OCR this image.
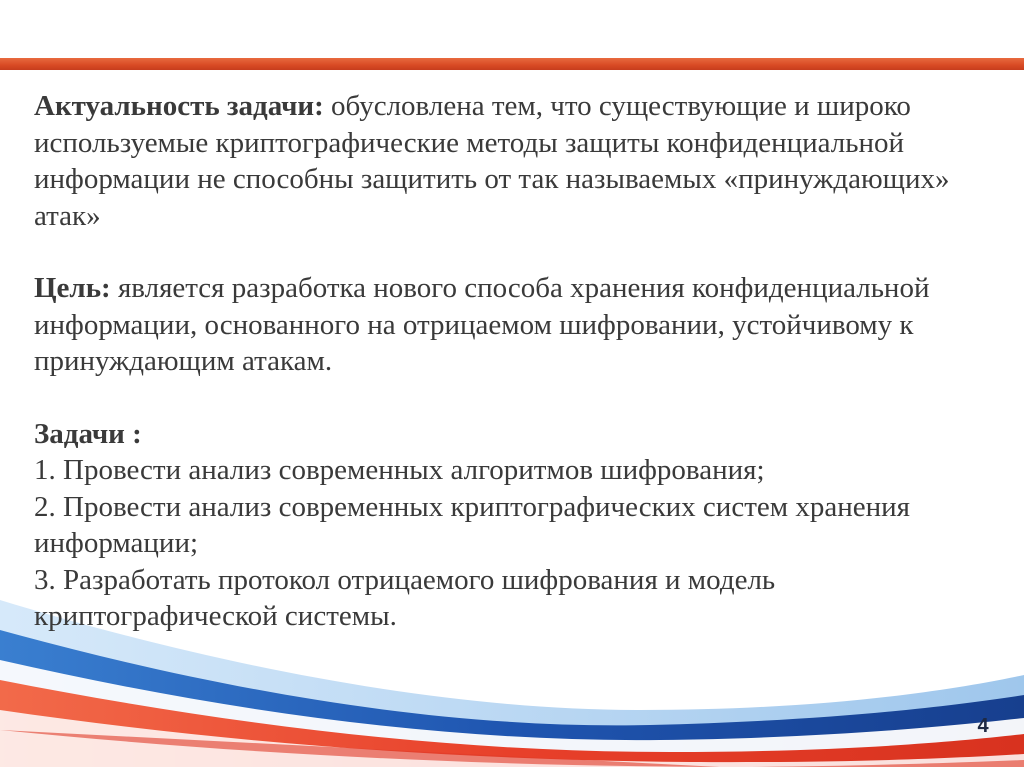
Актуальность задачи: обусловлена тем, что существующие и широко используемые криптографические методы защиты конфиденциальной информации не способны защитить от так называемых «принуждающих» атак»

Цель: является разработка нового способа хранения конфиденциальной информации, основанного на отрицаемом шифровании, устойчивому к принуждающим атакам.

Задачи :
1. Провести анализ современных алгоритмов шифрования;
2. Провести анализ современных криптографических систем хранения информации;
3. Разработать протокол отрицаемого шифрования и модель криптографической системы.

4
